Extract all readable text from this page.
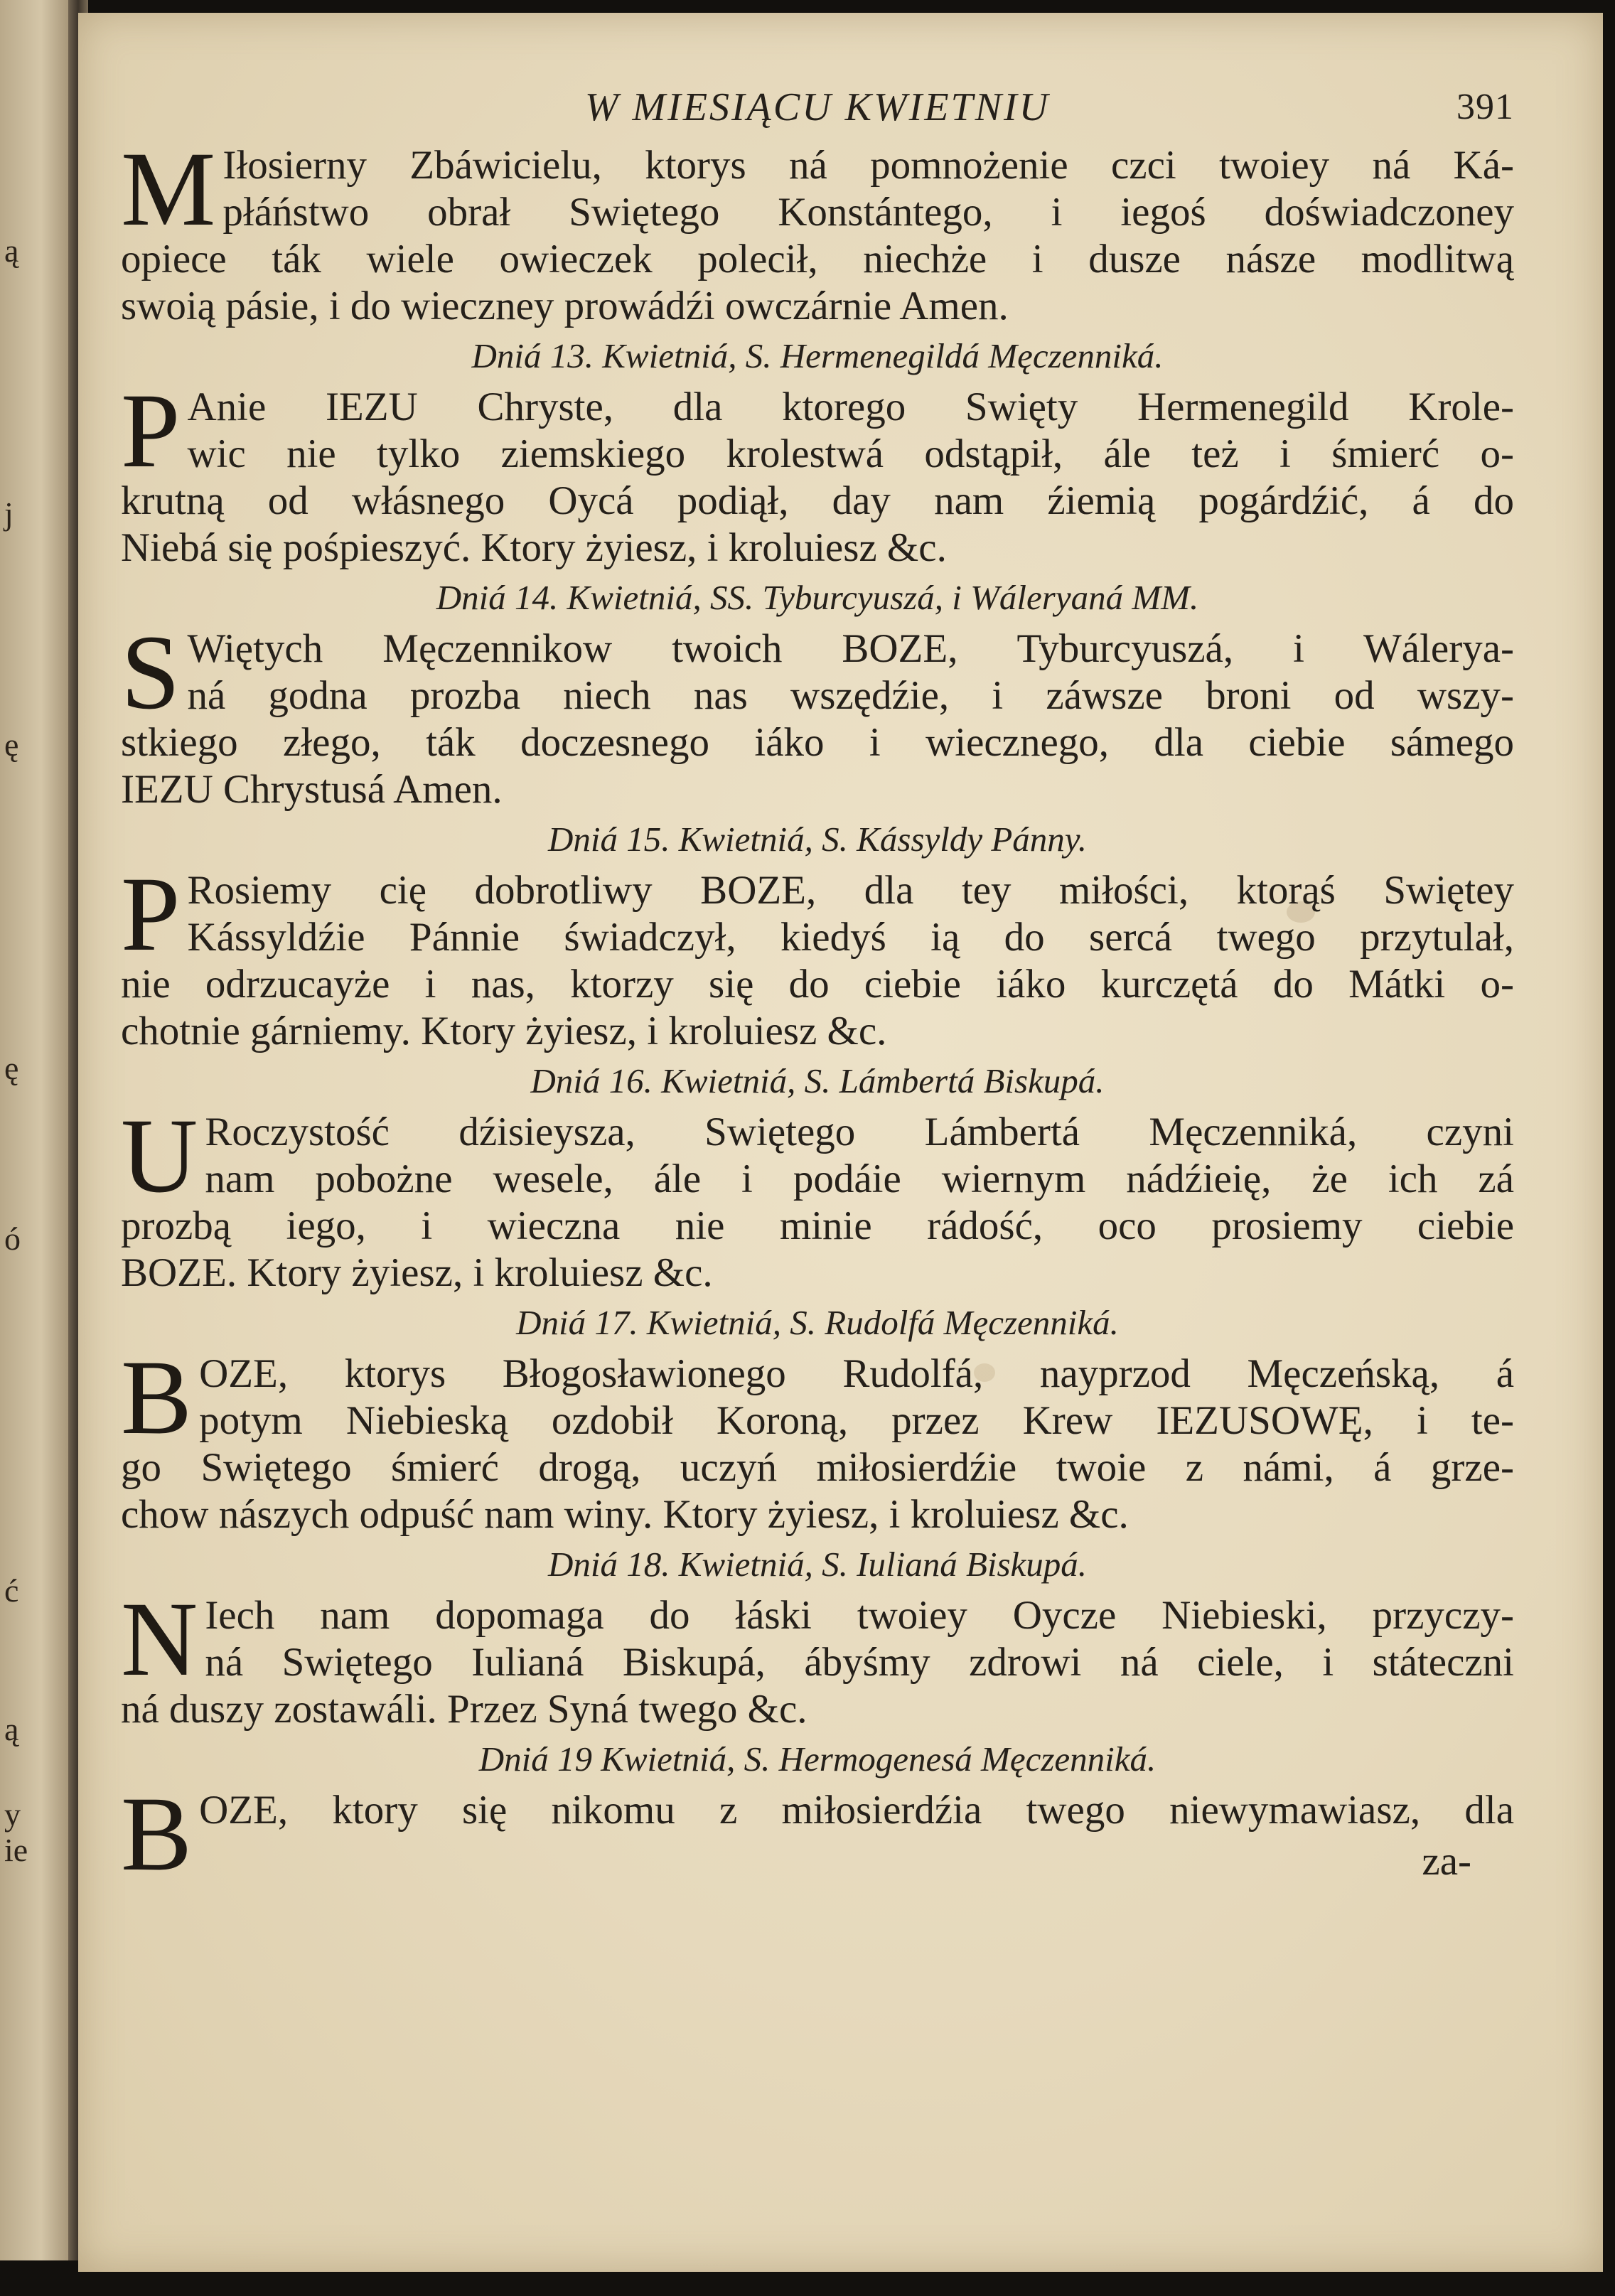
ą
j
ę
ę
ó
ć
ą
y
ie
W MIESIĄCU KWIETNIU	391
M Iłosierny Zbáwicielu, ktorys ná pomnożenie czci twoiey ná Ká-
płáństwo obrał Swiętego Konstántego, i iegoś doświadczoney
opiece ták wiele owieczek polecił, niechże i dusze násze modlitwą
swoią pásie, i do wieczney prowádźi owczárnie Amen.
Dniá 13. Kwietniá, S. Hermenegildá Męczenniká.
P Anie IEZU Chryste, dla ktorego Swięty Hermenegild Krole-
wic nie tylko ziemskiego krolestwá odstąpił, ále też i śmierć o-
krutną od włásnego Oycá podiął, day nam źiemią pogárdźić, á do
Niebá się pośpieszyć. Ktory żyiesz, i kroluiesz &c.
Dniá 14. Kwietniá, SS. Tyburcyuszá, i Wáleryaná MM.
S Więtych Męczennikow twoich BOZE, Tyburcyuszá, i Wálerya-
ná godna prozba niech nas wszędźie, i záwsze broni od wszy-
stkiego złego, ták doczesnego iáko i wiecznego, dla ciebie sámego
IEZU Chrystusá Amen.
Dniá 15. Kwietniá, S. Kássyldy Pánny.
P Rosiemy cię dobrotliwy BOZE, dla tey miłości, ktorąś Swiętey
Kássyldźie Pánnie świadczył, kiedyś ią do sercá twego przytulał,
nie odrzucayże i nas, ktorzy się do ciebie iáko kurczętá do Mátki o-
chotnie gárniemy. Ktory żyiesz, i kroluiesz &c.
Dniá 16. Kwietniá, S. Lámbertá Biskupá.
U Roczystość dźisieysza, Swiętego Lámbertá Męczenniká, czyni
nam pobożne wesele, ále i podáie wiernym nádźieię, że ich zá
prozbą iego, i wieczna nie minie rádość, oco prosiemy ciebie
BOZE. Ktory żyiesz, i kroluiesz &c.
Dniá 17. Kwietniá, S. Rudolfá Męczenniká.
B OZE, ktorys Błogosławionego Rudolfá, nayprzod Męczeńską, á
potym Niebieską ozdobił Koroną, przez Krew IEZUSOWĘ, i te-
go Swiętego śmierć drogą, uczyń miłosierdźie twoie z námi, á grze-
chow nászych odpuść nam winy. Ktory żyiesz, i kroluiesz &c.
Dniá 18. Kwietniá, S. Iulianá Biskupá.
N Iech nam dopomaga do łáski twoiey Oycze Niebieski, przyczy-
ná Swiętego Iulianá Biskupá, ábyśmy zdrowi ná ciele, i státeczni
ná duszy zostawáli. Przez Syná twego &c.
Dniá 19 Kwietniá, S. Hermogenesá Męczenniká.
B OZE, ktory się nikomu z miłosierdźia twego niewymawiasz, dla
za-
